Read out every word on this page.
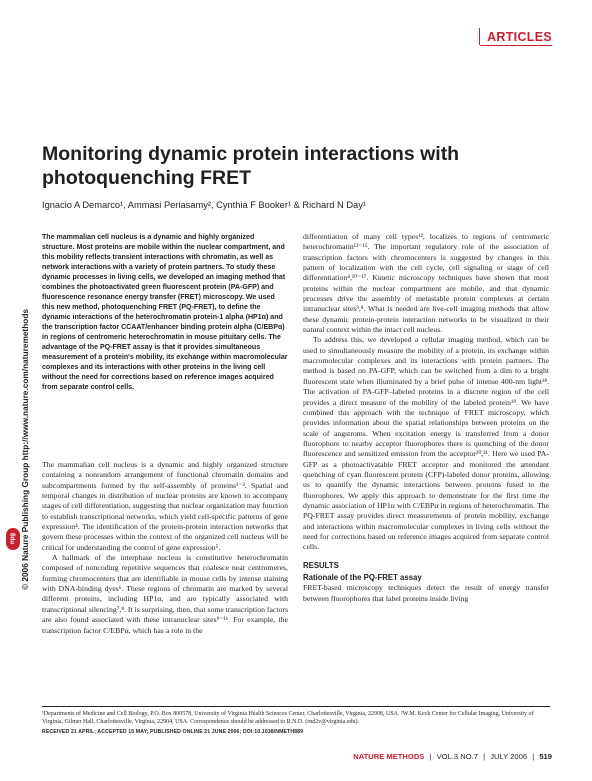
ARTICLES
npg © 2006 Nature Publishing Group http://www.nature.com/naturemethods
Monitoring dynamic protein interactions with photoquenching FRET
Ignacio A Demarco¹, Ammasi Periasamy², Cynthia F Booker¹ & Richard N Day¹

The mammalian cell nucleus is a dynamic and highly organized structure. Most proteins are mobile within the nuclear compartment, and this mobility reflects transient interactions with chromatin, as well as network interactions with a variety of protein partners. To study these dynamic processes in living cells, we developed an imaging method that combines the photoactivated green fluorescent protein (PA-GFP) and fluorescence resonance energy transfer (FRET) microscopy. We used this new method, photoquenching FRET (PQ-FRET), to define the dynamic interactions of the heterochromatin protein-1 alpha (HP1α) and the transcription factor CCAAT/enhancer binding protein alpha (C/EBPα) in regions of centromeric heterochromatin in mouse pituitary cells. The advantage of the PQ-FRET assay is that it provides simultaneous measurement of a protein's mobility, its exchange within macromolecular complexes and its interactions with other proteins in the living cell without the need for corrections based on reference images acquired from separate control cells.

The mammalian cell nucleus is a dynamic and highly organized structure containing a nonrandom arrangement of functional chromatin domains and subcompartments formed by the self-assembly of proteins¹⁻³. Spatial and temporal changes in distribution of nuclear proteins are known to accompany stages of cell differentiation, suggesting that nuclear organization may function to establish transcriptional networks, which yield cell-specific patterns of gene expression⁴. The identification of the protein-protein interaction networks that govern these processes within the context of the organized cell nucleus will be critical for understanding the control of gene expression⁵.

A hallmark of the interphase nucleus is constitutive heterochromatin composed of noncoding repetitive sequences that coalesce near centromeres, forming chromocenters that are identifiable in mouse cells by intense staining with DNA-binding dyes⁶. These regions of chromatin are marked by several different proteins, including HP1α, and are typically associated with transcriptional silencing⁷,⁸. It is surprising, then, that some transcription factors are also found associated with these intranuclear sites⁹⁻¹¹. For example, the transcription factor C/EBPα, which has a role in the

differentiation of many cell types¹², localizes to regions of centromeric heterochromatin¹³⁻¹⁵. The important regulatory role of the association of transcription factors with chromocenters is suggested by changes in this pattern of localization with the cell cycle, cell signaling or stage of cell differentiation⁴,¹⁰⁻¹⁷. Kinetic microscopy techniques have shown that most proteins within the nuclear compartment are mobile, and that dynamic processes drive the assembly of metastable protein complexes at certain intranuclear sites³,⁸. What is needed are live-cell imaging methods that allow these dynamic protein-protein interaction networks to be visualized in their natural context within the intact cell nucleus.

To address this, we developed a cellular imaging method, which can be used to simultaneously measure the mobility of a protein, its exchange within macromolecular complexes and its interactions with protein partners. The method is based on PA-GFP, which can be switched from a dim to a bright fluorescent state when illuminated by a brief pulse of intense 400-nm light¹⁸. The activation of PA-GFP–labeled proteins in a discrete region of the cell provides a direct measure of the mobility of the labeled protein¹⁹. We have combined this approach with the technique of FRET microscopy, which provides information about the spatial relationships between proteins on the scale of angstroms. When excitation energy is transferred from a donor fluorophore to nearby acceptor fluorophores there is quenching of the donor fluorescence and sensitized emission from the acceptor²⁰,²¹. Here we used PA-GFP as a photoactivatable FRET acceptor and monitored the attendant quenching of cyan fluorescent protein (CFP)-labeled donor proteins, allowing us to quantify the dynamic interactions between proteins fused to the fluorophores. We apply this approach to demonstrate for the first time the dynamic association of HP1α with C/EBPα in regions of heterochromatin. The PQ-FRET assay provides direct measurements of protein mobility, exchange and interactions within macromolecular complexes in living cells without the need for corrections based on reference images acquired from separate control cells.

RESULTS
Rationale of the PQ-FRET assay

FRET-based microscopy techniques detect the result of energy transfer between fluorophores that label proteins inside living

¹Departments of Medicine and Cell Biology, P.O. Box 800578, University of Virginia Health Sciences Center, Charlottesville, Virginia, 22908, USA. ²W.M. Keck Center for Cellular Imaging, University of Virginia, Gilmer Hall, Charlottesville, Virginia, 22904, USA. Correspondence should be addressed to R.N.D. (rnd2v@virginia.edu).
RECEIVED 21 APRIL; ACCEPTED 15 MAY; PUBLISHED ONLINE 21 JUNE 2006; DOI:10.1038/NMETH889
NATURE METHODS | VOL.3 NO.7 | JULY 2006 | 519
